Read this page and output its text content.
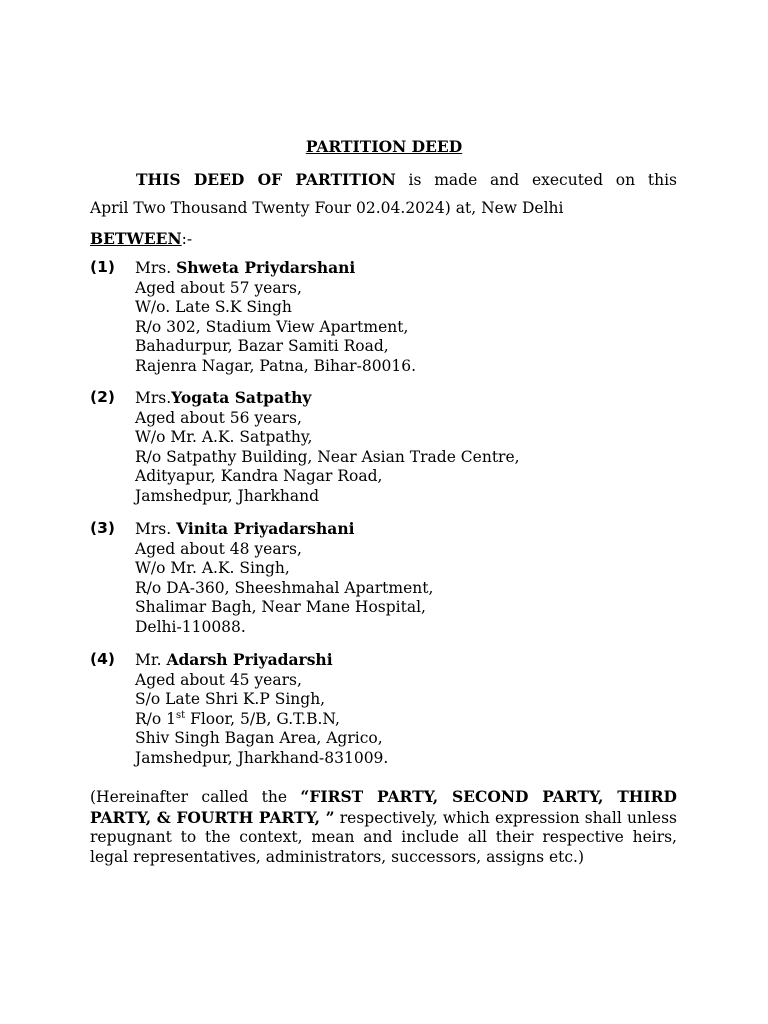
PARTITION DEED
THIS DEED OF PARTITION is made and executed on this
April Two Thousand Twenty Four 02.04.2024) at, New Delhi
BETWEEN:-
(1) Mrs. Shweta Priydarshani
Aged about 57 years,
W/o. Late S.K Singh
R/o 302, Stadium View Apartment,
Bahadurpur, Bazar Samiti Road,
Rajenra Nagar, Patna, Bihar-80016.
(2) Mrs.Yogata Satpathy
Aged about 56 years,
W/o Mr. A.K. Satpathy,
R/o Satpathy Building, Near Asian Trade Centre,
Adityapur, Kandra Nagar Road,
Jamshedpur, Jharkhand
(3) Mrs. Vinita Priyadarshani
Aged about 48 years,
W/o Mr. A.K. Singh,
R/o DA-360, Sheeshmahal Apartment,
Shalimar Bagh, Near Mane Hospital,
Delhi-110088.
(4) Mr. Adarsh Priyadarshi
Aged about 45 years,
S/o Late Shri K.P Singh,
R/o 1st Floor, 5/B, G.T.B.N,
Shiv Singh Bagan Area, Agrico,
Jamshedpur, Jharkhand-831009.
(Hereinafter called the “FIRST PARTY, SECOND PARTY, THIRD PARTY, & FOURTH PARTY, ” respectively, which expression shall unless repugnant to the context, mean and include all their respective heirs, legal representatives, administrators, successors, assigns etc.)
